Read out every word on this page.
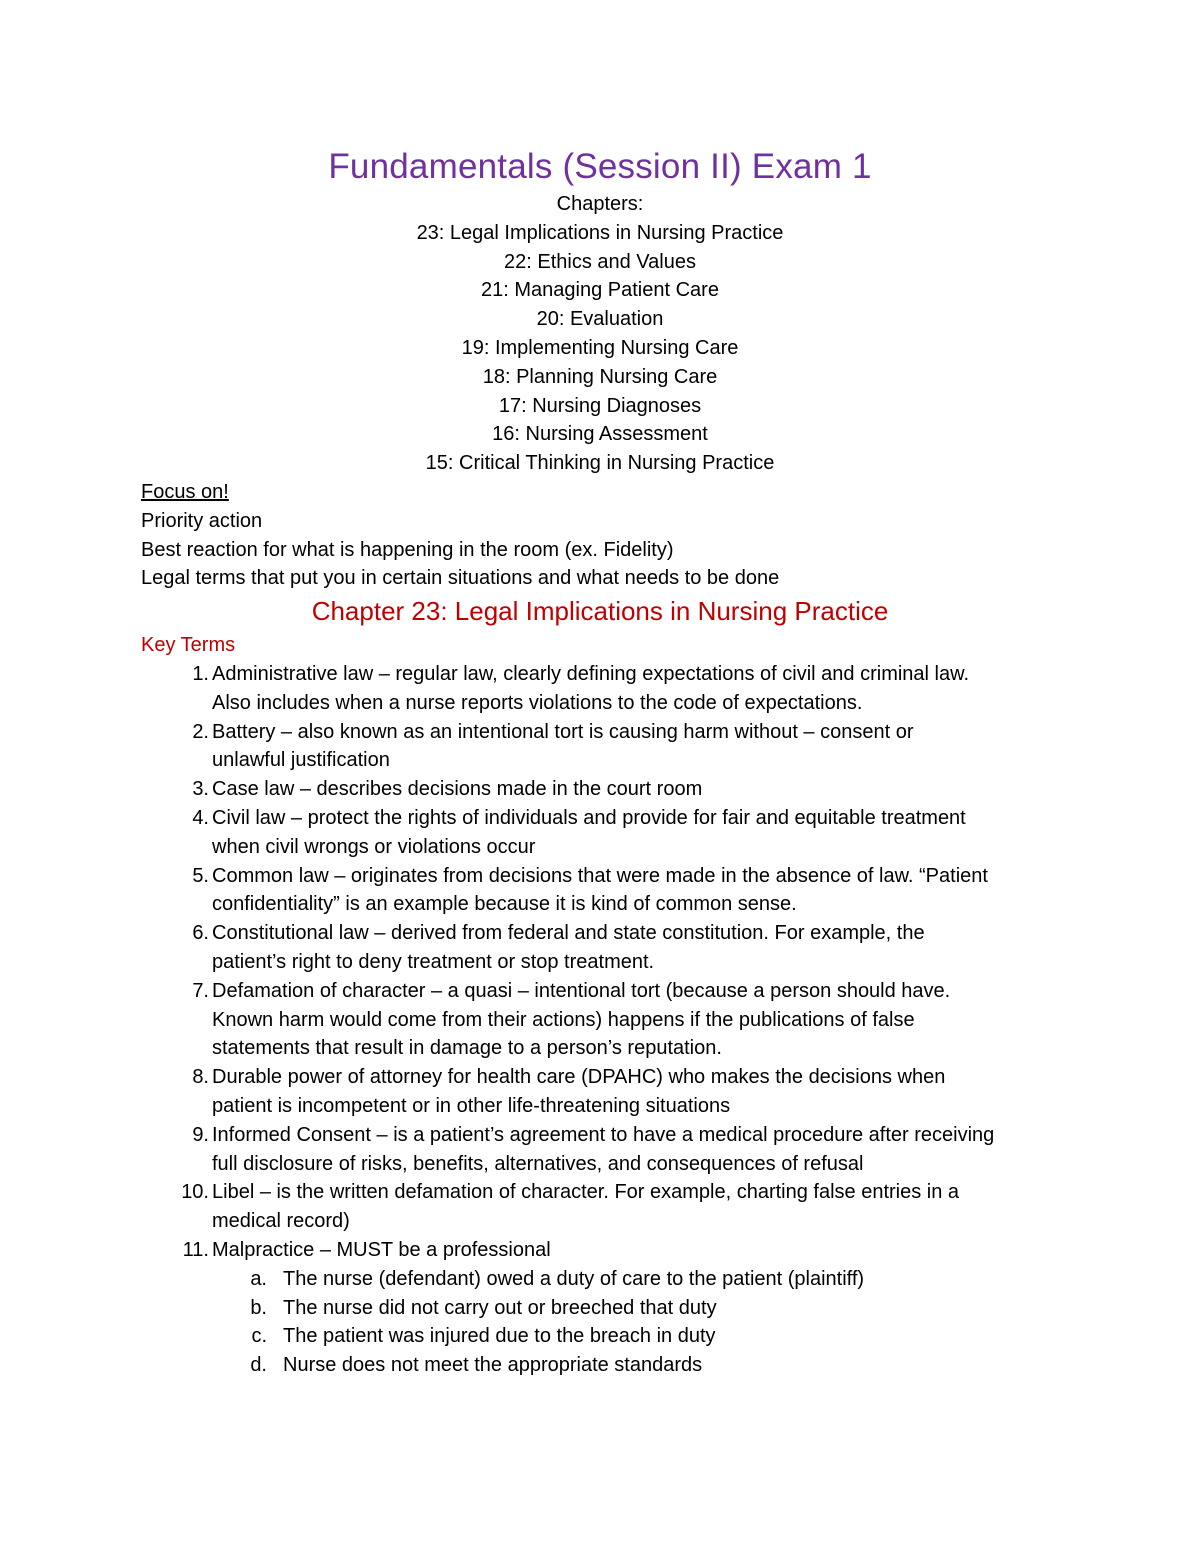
Fundamentals (Session II) Exam 1
Chapters:
23: Legal Implications in Nursing Practice
22: Ethics and Values
21: Managing Patient Care
20: Evaluation
19: Implementing Nursing Care
18: Planning Nursing Care
17: Nursing Diagnoses
16: Nursing Assessment
15: Critical Thinking in Nursing Practice
Focus on!
Priority action
Best reaction for what is happening in the room (ex. Fidelity)
Legal terms that put you in certain situations and what needs to be done
Chapter 23: Legal Implications in Nursing Practice
Key Terms
1. Administrative law – regular law, clearly defining expectations of civil and criminal law.
Also includes when a nurse reports violations to the code of expectations.
2. Battery – also known as an intentional tort is causing harm without – consent or
unlawful justification
3. Case law – describes decisions made in the court room
4. Civil law – protect the rights of individuals and provide for fair and equitable treatment
when civil wrongs or violations occur
5. Common law – originates from decisions that were made in the absence of law. “Patient
confidentiality” is an example because it is kind of common sense.
6. Constitutional law – derived from federal and state constitution. For example, the
patient’s right to deny treatment or stop treatment.
7. Defamation of character – a quasi – intentional tort (because a person should have.
Known harm would come from their actions) happens if the publications of false
statements that result in damage to a person’s reputation.
8. Durable power of attorney for health care (DPAHC) who makes the decisions when
patient is incompetent or in other life-threatening situations
9. Informed Consent – is a patient’s agreement to have a medical procedure after receiving
full disclosure of risks, benefits, alternatives, and consequences of refusal
10. Libel – is the written defamation of character. For example, charting false entries in a
medical record)
11. Malpractice – MUST be a professional
a. The nurse (defendant) owed a duty of care to the patient (plaintiff)
b. The nurse did not carry out or breeched that duty
c. The patient was injured due to the breach in duty
d. Nurse does not meet the appropriate standards
